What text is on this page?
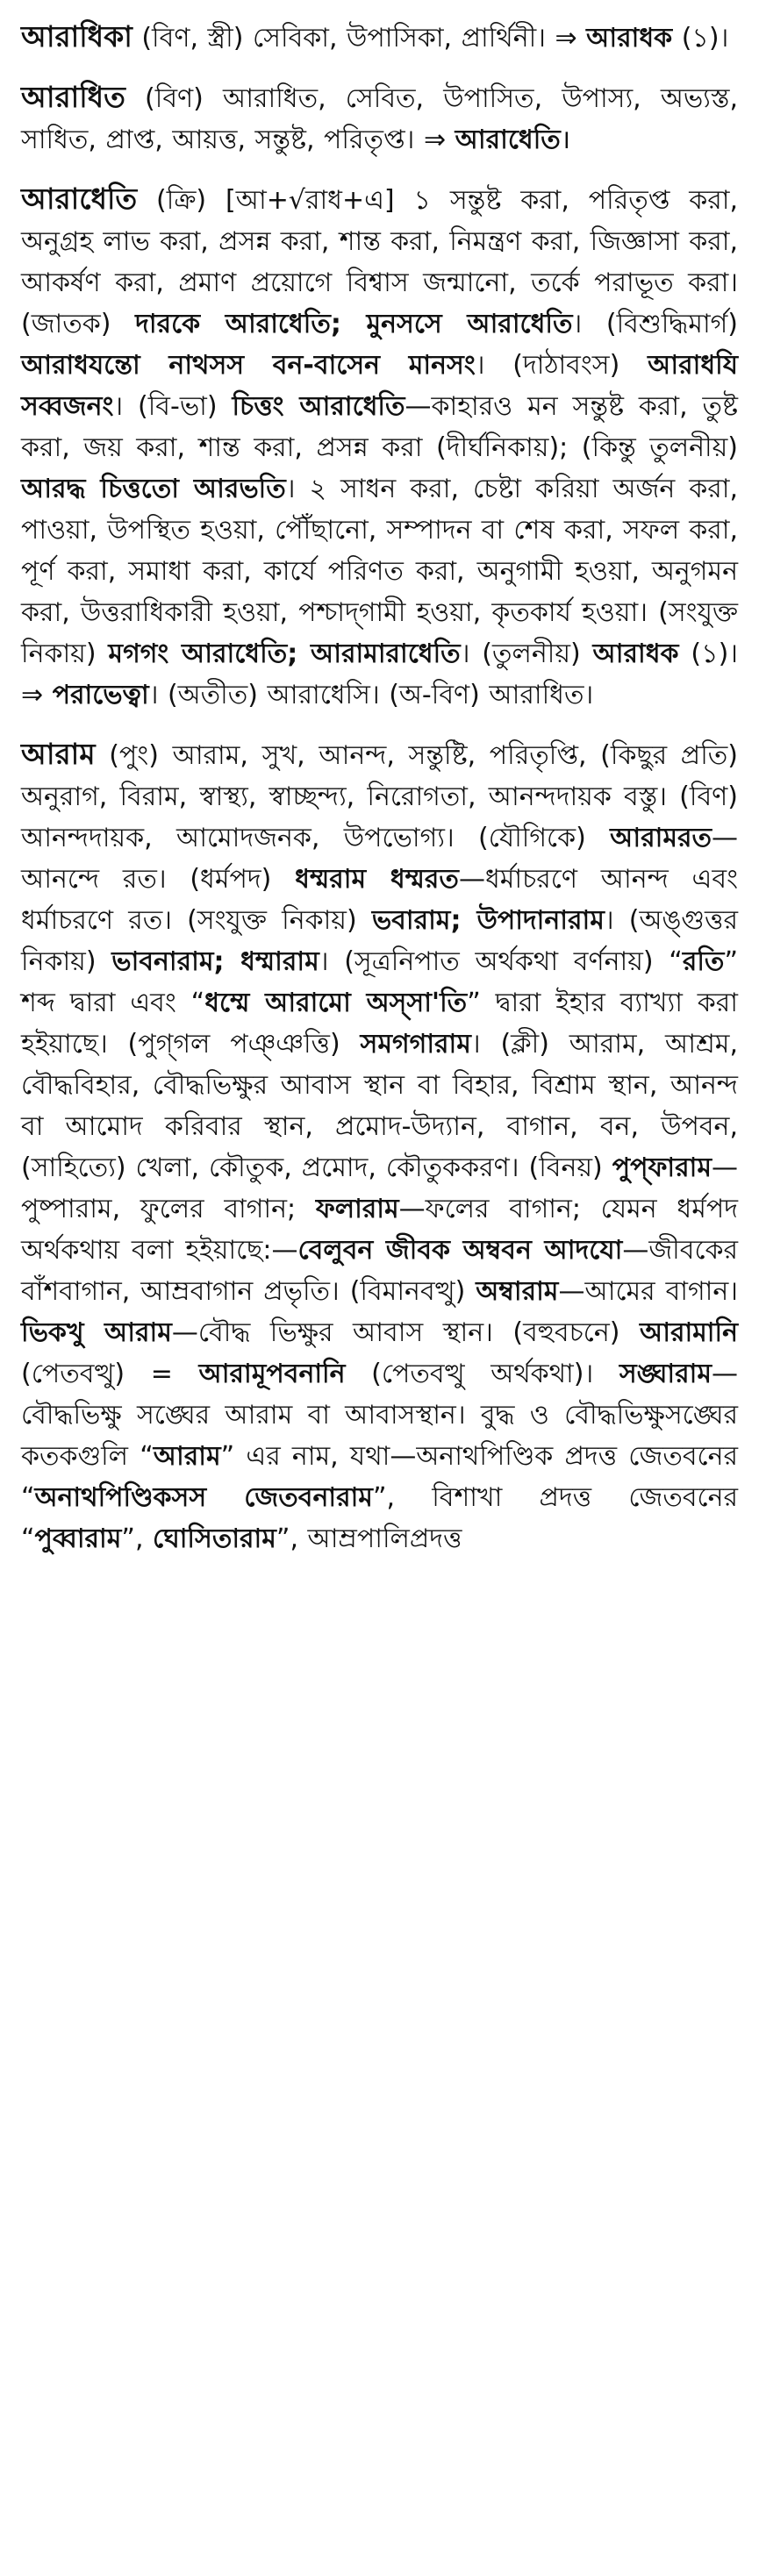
আরাধিকা (বিণ, স্ত্রী) সেবিকা, উপাসিকা, প্রার্থিনী। ⇒ আরাধক (১)।

আরাধিত (বিণ) আরাধিত, সেবিত, উপাসিত, উপাস্য, অভ্যস্ত, সাধিত, প্রাপ্ত, আয়ত্ত, সন্তুষ্ট, পরিতৃপ্ত। ⇒ আরাধেতি।

আরাধেতি (ক্রি) [আ+√রাধ+এ] ১ সন্তুষ্ট করা, পরিতৃপ্ত করা, অনুগ্রহ লাভ করা, প্রসন্ন করা, শান্ত করা, নিমন্ত্রণ করা, জিজ্ঞাসা করা, আকর্ষণ করা, প্রমাণ প্রয়োগে বিশ্বাস জন্মানো, তর্কে পরাভূত করা। (জাতক) দারকে আরাধেতি; মুনসসে আরাধেতি। (বিশুদ্ধিমার্গ) আরাধযন্তো নাথসস বন-বাসেন মানসং। (দাঠাবংস) আরাধযি সব্বজনং। (বি-ভা) চিত্তং আরাধেতি—কাহারও মন সন্তুষ্ট করা, তুষ্ট করা, জয় করা, শান্ত করা, প্রসন্ন করা (দীর্ঘনিকায়); (কিন্তু তুলনীয়) আরদ্ধ চিত্ততো আরভতি। ২ সাধন করা, চেষ্টা করিয়া অর্জন করা, পাওয়া, উপস্থিত হওয়া, পৌঁছানো, সম্পাদন বা শেষ করা, সফল করা, পূর্ণ করা, সমাধা করা, কার্যে পরিণত করা, অনুগামী হওয়া, অনুগমন করা, উত্তরাধিকারী হওয়া, পশ্চাদ্‌গামী হওয়া, কৃতকার্য হওয়া। (সংযুক্ত নিকায়) মগগং আরাধেতি; আরামারাধেতি। (তুলনীয়) আরাধক (১)। ⇒ পরাভেত্বা। (অতীত) আরাধেসি। (অ-বিণ) আরাধিত।

আরাম (পুং) আরাম, সুখ, আনন্দ, সন্তুষ্টি, পরিতৃপ্তি, (কিছুর প্রতি) অনুরাগ, বিরাম, স্বাস্থ্য, স্বাচ্ছন্দ্য, নিরোগতা, আনন্দদায়ক বস্তু। (বিণ) আনন্দদায়ক, আমোদজনক, উপভোগ্য। (যৌগিকে) আরামরত—আনন্দে রত। (ধর্মপদ) ধম্মরাম ধম্মরত—ধর্মাচরণে আনন্দ এবং ধর্মাচরণে রত। (সংযুক্ত নিকায়) ভবারাম; উপাদানারাম। (অঙ্গুত্তর নিকায়) ভাবনারাম; ধম্মারাম। (সূত্রনিপাত অর্থকথা বর্ণনায়) “রতি” শব্দ দ্বারা এবং “ধম্মে আরামো অস্সা'তি” দ্বারা ইহার ব্যাখ্যা করা হইয়াছে। (পুগ্‌গল পঞ্ঞত্তি) সমগগারাম। (ক্লী) আরাম, আশ্রম, বৌদ্ধবিহার, বৌদ্ধভিক্ষুর আবাস স্থান বা বিহার, বিশ্রাম স্থান, আনন্দ বা আমোদ করিবার স্থান, প্রমোদ-উদ্যান, বাগান, বন, উপবন, (সাহিত্যে) খেলা, কৌতুক, প্রমোদ, কৌতুককরণ। (বিনয়) পুপ্ফারাম—পুষ্পারাম, ফুলের বাগান; ফলারাম—ফলের বাগান; যেমন ধর্মপদ অর্থকথায় বলা হইয়াছে:—বেলুবন জীবক অম্ববন আদযো—জীবকের বাঁশবাগান, আম্রবাগান প্রভৃতি। (বিমানবত্থু) অম্বারাম—আমের বাগান। ভিকখু আরাম—বৌদ্ধ ভিক্ষুর আবাস স্থান। (বহুবচনে) আরামানি (পেতবত্থু) = আরামূপবনানি (পেতবত্থু অর্থকথা)। সঙ্ঘারাম—বৌদ্ধভিক্ষু সঙ্ঘের আরাম বা আবাসস্থান। বুদ্ধ ও বৌদ্ধভিক্ষুসঙ্ঘের কতকগুলি “আরাম” এর নাম, যথা—অনাথপিণ্ডিক প্রদত্ত জেতবনের “অনাথপিণ্ডিকসস জেতবনারাম”, বিশাখা প্রদত্ত জেতবনের “পুব্বারাম”, ঘোসিতারাম”, আম্রপালিপ্রদত্ত
